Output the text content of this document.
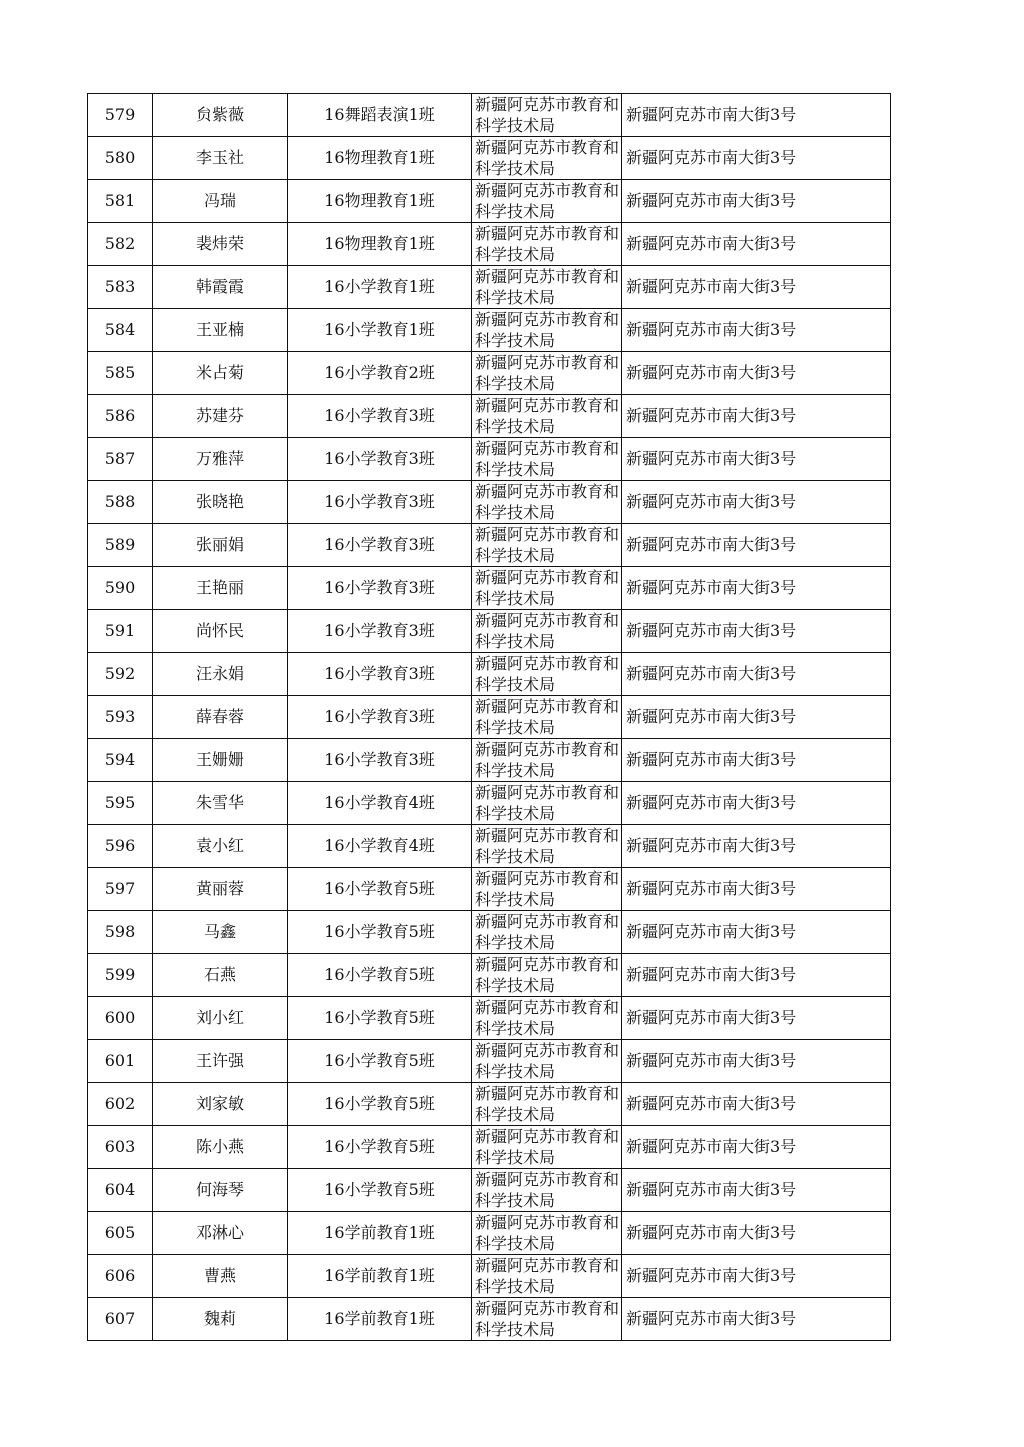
579	贠紫薇	16舞蹈表演1班	新疆阿克苏市教育和科学技术局	新疆阿克苏市南大街3号
580	李玉社	16物理教育1班	新疆阿克苏市教育和科学技术局	新疆阿克苏市南大街3号
581	冯瑞	16物理教育1班	新疆阿克苏市教育和科学技术局	新疆阿克苏市南大街3号
582	裴炜荣	16物理教育1班	新疆阿克苏市教育和科学技术局	新疆阿克苏市南大街3号
583	韩霞霞	16小学教育1班	新疆阿克苏市教育和科学技术局	新疆阿克苏市南大街3号
584	王亚楠	16小学教育1班	新疆阿克苏市教育和科学技术局	新疆阿克苏市南大街3号
585	米占菊	16小学教育2班	新疆阿克苏市教育和科学技术局	新疆阿克苏市南大街3号
586	苏建芬	16小学教育3班	新疆阿克苏市教育和科学技术局	新疆阿克苏市南大街3号
587	万雅萍	16小学教育3班	新疆阿克苏市教育和科学技术局	新疆阿克苏市南大街3号
588	张晓艳	16小学教育3班	新疆阿克苏市教育和科学技术局	新疆阿克苏市南大街3号
589	张丽娟	16小学教育3班	新疆阿克苏市教育和科学技术局	新疆阿克苏市南大街3号
590	王艳丽	16小学教育3班	新疆阿克苏市教育和科学技术局	新疆阿克苏市南大街3号
591	尚怀民	16小学教育3班	新疆阿克苏市教育和科学技术局	新疆阿克苏市南大街3号
592	汪永娟	16小学教育3班	新疆阿克苏市教育和科学技术局	新疆阿克苏市南大街3号
593	薛春蓉	16小学教育3班	新疆阿克苏市教育和科学技术局	新疆阿克苏市南大街3号
594	王姗姗	16小学教育3班	新疆阿克苏市教育和科学技术局	新疆阿克苏市南大街3号
595	朱雪华	16小学教育4班	新疆阿克苏市教育和科学技术局	新疆阿克苏市南大街3号
596	袁小红	16小学教育4班	新疆阿克苏市教育和科学技术局	新疆阿克苏市南大街3号
597	黄丽蓉	16小学教育5班	新疆阿克苏市教育和科学技术局	新疆阿克苏市南大街3号
598	马鑫	16小学教育5班	新疆阿克苏市教育和科学技术局	新疆阿克苏市南大街3号
599	石燕	16小学教育5班	新疆阿克苏市教育和科学技术局	新疆阿克苏市南大街3号
600	刘小红	16小学教育5班	新疆阿克苏市教育和科学技术局	新疆阿克苏市南大街3号
601	王许强	16小学教育5班	新疆阿克苏市教育和科学技术局	新疆阿克苏市南大街3号
602	刘家敏	16小学教育5班	新疆阿克苏市教育和科学技术局	新疆阿克苏市南大街3号
603	陈小燕	16小学教育5班	新疆阿克苏市教育和科学技术局	新疆阿克苏市南大街3号
604	何海琴	16小学教育5班	新疆阿克苏市教育和科学技术局	新疆阿克苏市南大街3号
605	邓淋心	16学前教育1班	新疆阿克苏市教育和科学技术局	新疆阿克苏市南大街3号
606	曹燕	16学前教育1班	新疆阿克苏市教育和科学技术局	新疆阿克苏市南大街3号
607	魏莉	16学前教育1班	新疆阿克苏市教育和科学技术局	新疆阿克苏市南大街3号
